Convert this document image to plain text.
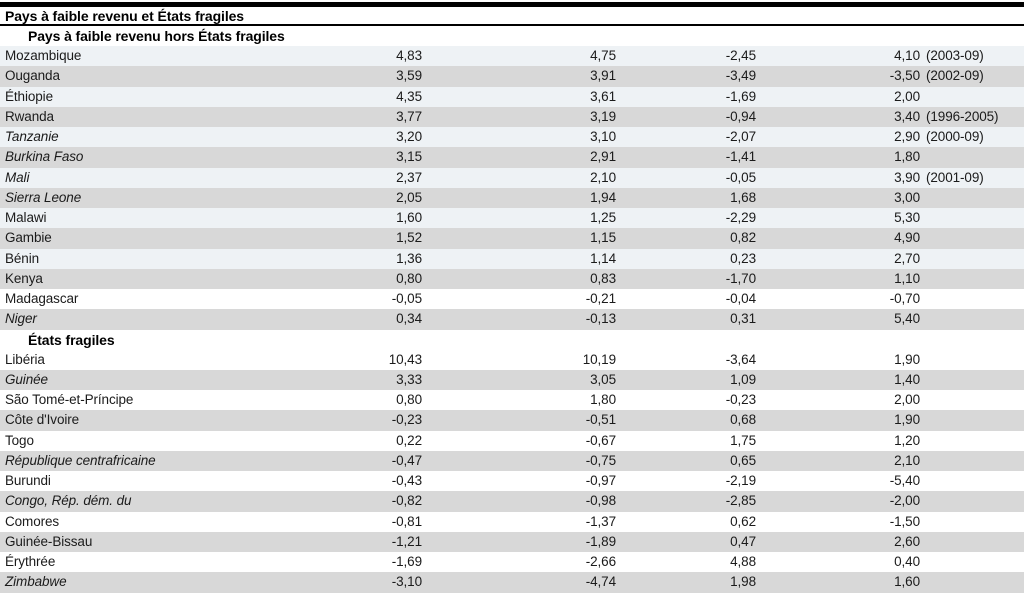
Pays à faible revenu et États fragiles
Pays à faible revenu hors États fragiles
Mozambique	4,83	4,75	-2,45	4,10 (2003-09)
Ouganda	3,59	3,91	-3,49	-3,50 (2002-09)
Éthiopie	4,35	3,61	-1,69	2,00
Rwanda	3,77	3,19	-0,94	3,40 (1996-2005)
Tanzanie	3,20	3,10	-2,07	2,90 (2000-09)
Burkina Faso	3,15	2,91	-1,41	1,80
Mali	2,37	2,10	-0,05	3,90 (2001-09)
Sierra Leone	2,05	1,94	1,68	3,00
Malawi	1,60	1,25	-2,29	5,30
Gambie	1,52	1,15	0,82	4,90
Bénin	1,36	1,14	0,23	2,70
Kenya	0,80	0,83	-1,70	1,10
Madagascar	-0,05	-0,21	-0,04	-0,70
Niger	0,34	-0,13	0,31	5,40
États fragiles
Libéria	10,43	10,19	-3,64	1,90
Guinée	3,33	3,05	1,09	1,40
São Tomé-et-Príncipe	0,80	1,80	-0,23	2,00
Côte d'Ivoire	-0,23	-0,51	0,68	1,90
Togo	0,22	-0,67	1,75	1,20
République centrafricaine	-0,47	-0,75	0,65	2,10
Burundi	-0,43	-0,97	-2,19	-5,40
Congo, Rép. dém. du	-0,82	-0,98	-2,85	-2,00
Comores	-0,81	-1,37	0,62	-1,50
Guinée-Bissau	-1,21	-1,89	0,47	2,60
Érythrée	-1,69	-2,66	4,88	0,40
Zimbabwe	-3,10	-4,74	1,98	1,60
